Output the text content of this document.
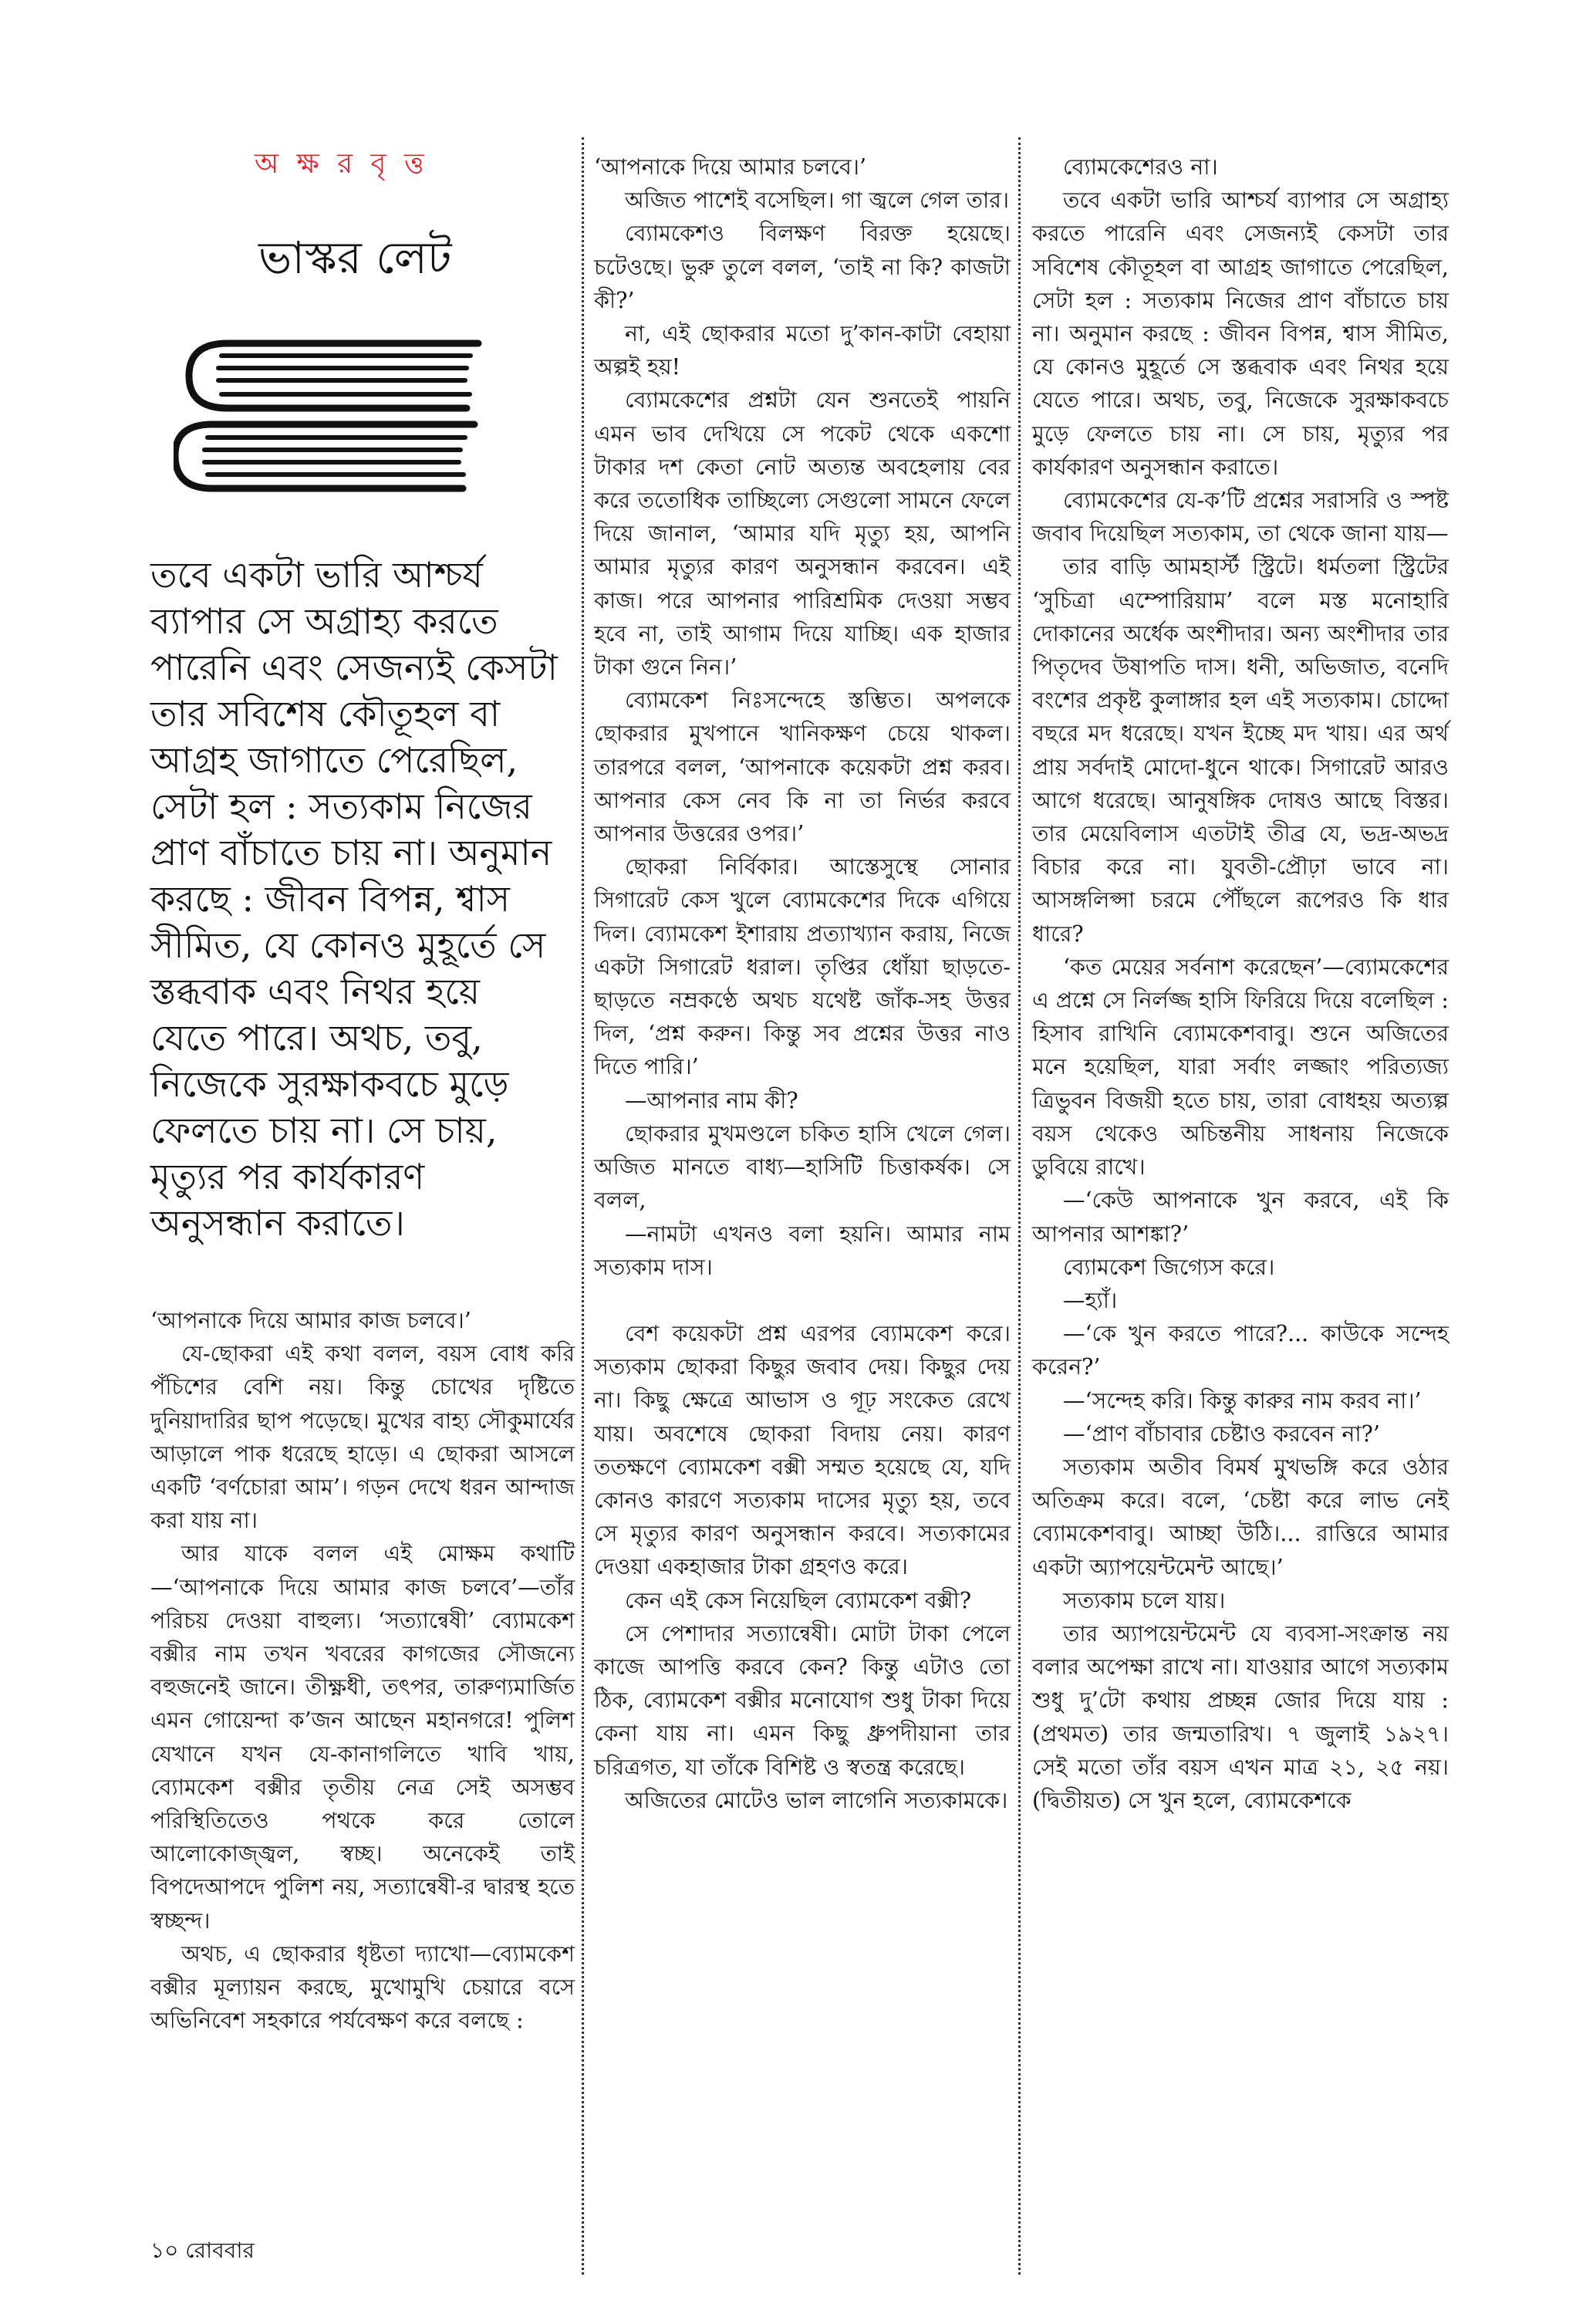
অ ক্ষ র বৃ ত্ত
ভাস্কর লেট
তবে একটা ভারি আশ্চর্য ব্যাপার সে অগ্রাহ্য করতে পারেনি এবং সেজন্যই কেসটা তার সবিশেষ কৌতূহল বা আগ্রহ জাগাতে পেরেছিল, সেটা হল : সত্যকাম নিজের প্রাণ বাঁচাতে চায় না। অনুমান করছে : জীবন বিপন্ন, শ্বাস সীমিত, যে কোনও মুহূর্তে সে স্তব্ধবাক এবং নিথর হয়ে যেতে পারে। অথচ, তবু, নিজেকে সুরক্ষাকবচে মুড়ে ফেলতে চায় না। সে চায়, মৃত্যুর পর কার্যকারণ অনুসন্ধান করাতে।

‘আপনাকে দিয়ে আমার কাজ চলবে।’

যে-ছোকরা এই কথা বলল, বয়স বোধ করি পঁচিশের বেশি নয়। কিন্তু চোখের দৃষ্টিতে দুনিয়াদারির ছাপ পড়েছে। মুখের বাহ্য সৌকুমার্যের আড়ালে পাক ধরেছে হাড়ে। এ ছোকরা আসলে একটি ‘বর্ণচোরা আম’। গড়ন দেখে ধরন আন্দাজ করা যায় না।

আর যাকে বলল এই মোক্ষম কথাটি—‘আপনাকে দিয়ে আমার কাজ চলবে’—তাঁর পরিচয় দেওয়া বাহুল্য। ‘সত্যান্বেষী’ ব্যোমকেশ বক্সীর নাম তখন খবরের কাগজের সৌজন্যে বহুজনেই জানে। তীক্ষ্ণধী, তৎপর, তারুণ্যমার্জিত এমন গোয়েন্দা ক’জন আছেন মহানগরে! পুলিশ যেখানে যখন যে-কানাগলিতে খাবি খায়, ব্যোমকেশ বক্সীর তৃতীয় নেত্র সেই অসম্ভব পরিস্থিতিতেও পথকে করে তোলে আলোকোজ্জ্বল, স্বচ্ছ। অনেকেই তাই বিপদেআপদে পুলিশ নয়, সত্যান্বেষী-র দ্বারস্থ হতে স্বচ্ছন্দ।

অথচ, এ ছোকরার ধৃষ্টতা দ্যাখো—ব্যোমকেশ বক্সীর মূল্যায়ন করছে, মুখোমুখি চেয়ারে বসে অভিনিবেশ সহকারে পর্যবেক্ষণ করে বলছে :

‘আপনাকে দিয়ে আমার চলবে।’

অজিত পাশেই বসেছিল। গা জ্বলে গেল তার।

ব্যোমকেশও বিলক্ষণ বিরক্ত হয়েছে। চটেওছে। ভুরু তুলে বলল, ‘তাই না কি? কাজটা কী?’

না, এই ছোকরার মতো দু’কান-কাটা বেহায়া অল্পই হয়!

ব্যোমকেশের প্রশ্নটা যেন শুনতেই পায়নি এমন ভাব দেখিয়ে সে পকেট থেকে একশো টাকার দশ কেতা নোট অত্যন্ত অবহেলায় বের করে ততোধিক তাচ্ছিল্যে সেগুলো সামনে ফেলে দিয়ে জানাল, ‘আমার যদি মৃত্যু হয়, আপনি আমার মৃত্যুর কারণ অনুসন্ধান করবেন। এই কাজ। পরে আপনার পারিশ্রমিক দেওয়া সম্ভব হবে না, তাই আগাম দিয়ে যাচ্ছি। এক হাজার টাকা গুনে নিন।’

ব্যোমকেশ নিঃসন্দেহে স্তম্ভিত। অপলকে ছোকরার মুখপানে খানিকক্ষণ চেয়ে থাকল। তারপরে বলল, ‘আপনাকে কয়েকটা প্রশ্ন করব। আপনার কেস নেব কি না তা নির্ভর করবে আপনার উত্তরের ওপর।’

ছোকরা নির্বিকার। আস্তেসুস্থে সোনার সিগারেট কেস খুলে ব্যোমকেশের দিকে এগিয়ে দিল। ব্যোমকেশ ইশারায় প্রত্যাখ্যান করায়, নিজে একটা সিগারেট ধরাল। তৃপ্তির ধোঁয়া ছাড়তে-ছাড়তে নম্রকণ্ঠে অথচ যথেষ্ট জাঁক-সহ উত্তর দিল, ‘প্রশ্ন করুন। কিন্তু সব প্রশ্নের উত্তর নাও দিতে পারি।’

—আপনার নাম কী?

ছোকরার মুখমণ্ডলে চকিত হাসি খেলে গেল। অজিত মানতে বাধ্য—হাসিটি চিত্তাকর্ষক। সে বলল,

—নামটা এখনও বলা হয়নি। আমার নাম সত্যকাম দাস।

বেশ কয়েকটা প্রশ্ন এরপর ব্যোমকেশ করে। সত্যকাম ছোকরা কিছুর জবাব দেয়। কিছুর দেয় না। কিছু ক্ষেত্রে আভাস ও গূঢ় সংকেত রেখে যায়। অবশেষে ছোকরা বিদায় নেয়। কারণ ততক্ষণে ব্যোমকেশ বক্সী সম্মত হয়েছে যে, যদি কোনও কারণে সত্যকাম দাসের মৃত্যু হয়, তবে সে মৃত্যুর কারণ অনুসন্ধান করবে। সত্যকামের দেওয়া একহাজার টাকা গ্রহণও করে।

কেন এই কেস নিয়েছিল ব্যোমকেশ বক্সী?

সে পেশাদার সত্যান্বেষী। মোটা টাকা পেলে কাজে আপত্তি করবে কেন? কিন্তু এটাও তো ঠিক, ব্যোমকেশ বক্সীর মনোযোগ শুধু টাকা দিয়ে কেনা যায় না। এমন কিছু ধ্রুপদীয়ানা তার চরিত্রগত, যা তাঁকে বিশিষ্ট ও স্বতন্ত্র করেছে।

অজিতের মোটেও ভাল লাগেনি সত্যকামকে।

ব্যোমকেশেরও না।

তবে একটা ভারি আশ্চর্য ব্যাপার সে অগ্রাহ্য করতে পারেনি এবং সেজন্যই কেসটা তার সবিশেষ কৌতূহল বা আগ্রহ জাগাতে পেরেছিল, সেটা হল : সত্যকাম নিজের প্রাণ বাঁচাতে চায় না। অনুমান করছে : জীবন বিপন্ন, শ্বাস সীমিত, যে কোনও মুহূর্তে সে স্তব্ধবাক এবং নিথর হয়ে যেতে পারে। অথচ, তবু, নিজেকে সুরক্ষাকবচে মুড়ে ফেলতে চায় না। সে চায়, মৃত্যুর পর কার্যকারণ অনুসন্ধান করাতে।

ব্যোমকেশের যে-ক’টি প্রশ্নের সরাসরি ও স্পষ্ট জবাব দিয়েছিল সত্যকাম, তা থেকে জানা যায়—

তার বাড়ি আমহার্স্ট স্ট্রিটে। ধর্মতলা স্ট্রিটের ‘সুচিত্রা এম্পোরিয়াম’ বলে মস্ত মনোহারি দোকানের অর্ধেক অংশীদার। অন্য অংশীদার তার পিতৃদেব উষাপতি দাস। ধনী, অভিজাত, বনেদি বংশের প্রকৃষ্ট কুলাঙ্গার হল এই সত্যকাম। চোদ্দো বছরে মদ ধরেছে। যখন ইচ্ছে মদ খায়। এর অর্থ প্রায় সর্বদাই মোদো-ধুনে থাকে। সিগারেট আরও আগে ধরেছে। আনুষঙ্গিক দোষও আছে বিস্তর। তার মেয়েবিলাস এতটাই তীব্র যে, ভদ্র-অভদ্র বিচার করে না। যুবতী-প্রৌঢ়া ভাবে না। আসঙ্গলিপ্সা চরমে পৌঁছলে রূপেরও কি ধার ধারে?

‘কত মেয়ের সর্বনাশ করেছেন’—ব্যোমকেশের এ প্রশ্নে সে নির্লজ্জ হাসি ফিরিয়ে দিয়ে বলেছিল : হিসাব রাখিনি ব্যোমকেশবাবু। শুনে অজিতের মনে হয়েছিল, যারা সর্বাং লজ্জাং পরিত্যজ্য ত্রিভুবন বিজয়ী হতে চায়, তারা বোধহয় অত্যল্প বয়স থেকেও অচিন্তনীয় সাধনায় নিজেকে ডুবিয়ে রাখে।

—‘কেউ আপনাকে খুন করবে, এই কি আপনার আশঙ্কা?’

ব্যোমকেশ জিগ্যেস করে।

—হ্যাঁ।

—‘কে খুন করতে পারে?... কাউকে সন্দেহ করেন?’

—‘সন্দেহ করি। কিন্তু কারুর নাম করব না।’

—‘প্রাণ বাঁচাবার চেষ্টাও করবেন না?’

সত্যকাম অতীব বিমর্ষ মুখভঙ্গি করে ওঠার অতিক্রম করে। বলে, ‘চেষ্টা করে লাভ নেই ব্যোমকেশবাবু। আচ্ছা উঠি।... রাত্তিরে আমার একটা অ্যাপয়েন্টমেন্ট আছে।’

সত্যকাম চলে যায়।

তার অ্যাপয়েন্টমেন্ট যে ব্যবসা-সংক্রান্ত নয় বলার অপেক্ষা রাখে না। যাওয়ার আগে সত্যকাম শুধু দু’টো কথায় প্রচ্ছন্ন জোর দিয়ে যায় : (প্রথমত) তার জন্মতারিখ। ৭ জুলাই ১৯২৭। সেই মতো তাঁর বয়স এখন মাত্র ২১, ২৫ নয়। (দ্বিতীয়ত) সে খুন হলে, ব্যোমকেশকে

১০ রোববার
